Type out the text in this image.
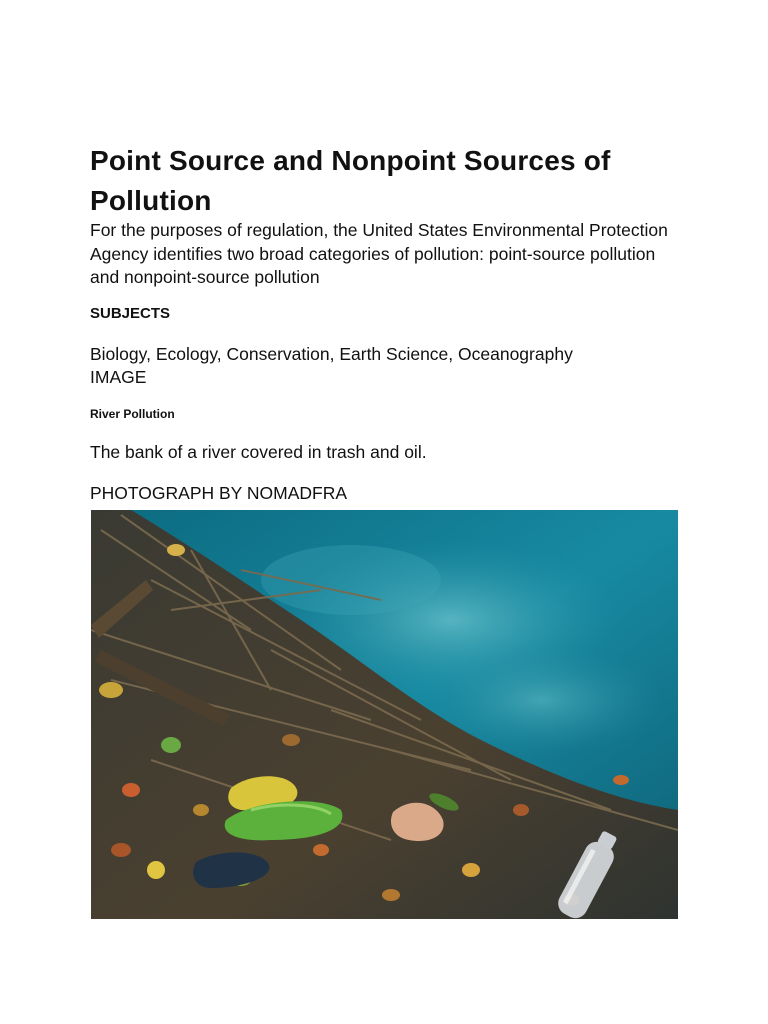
Point Source and Nonpoint Sources of Pollution

For the purposes of regulation, the United States Environmental Protection Agency identifies two broad categories of pollution: point-source pollution and nonpoint-source pollution

SUBJECTS

Biology, Ecology, Conservation, Earth Science, Oceanography

IMAGE

River Pollution

The bank of a river covered in trash and oil.

PHOTOGRAPH BY NOMADFRA
